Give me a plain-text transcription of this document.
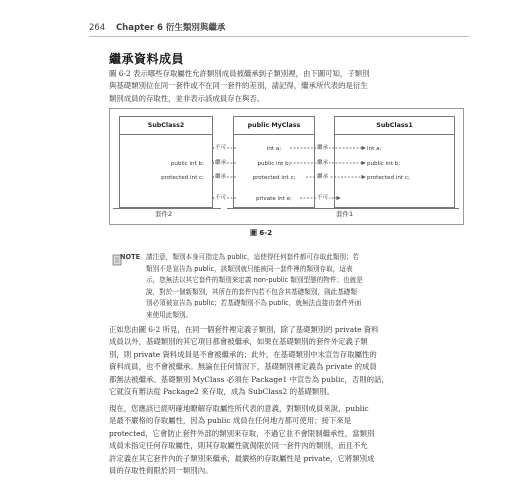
264 Chapter 6 衍生類別與繼承
繼承資料成員
圖 6-2 表示哪些存取屬性允許類別成員被繼承到子類別裡，由下圖可知，子類別
與基礎類別位在同一套件或不在同一套件的差別，請記得，繼承所代表的是衍生
類別成員的存取性，並非表示該成員存在與否。
SubClass2
public int b;
protected int c;
public MyClass
int a;
public int b;
protected int c;
private int e;
SubClass1
int a;
public int b;
protected int c;
不可
繼承
繼承
不可
繼承
繼承
繼承
不可
套件2	套件1
圖 6-2
NOTE 請注意，類別本身可指定為 public，這使得任何套件都可存取此類別；若
類別不是宣告為 public，該類別就只能被同一套件裡的類別存取，這表
示，您無法以其它套件的類別來定義 non-public 類別型態的物件；也就是
說，對於一個新類別，其所在的套件內若不包含其基礎類別，則此基礎類
別必須被宣告為 public；若基礎類別不為 public，就無法直接由套件外面
來使用此類別。
正如您由圖 6-2 所見，在同一個套件裡定義子類別，除了基礎類別的 private 資料
成員以外，基礎類別的其它項目都會被繼承，如果在基礎類別的套件外定義子類
別，則 private 資料成員是不會被繼承的；此外，在基礎類別中未宣告存取屬性的
資料成員，也不會被繼承。無論在任何情況下，基礎類別裡定義為 private 的成員
都無法被繼承。基礎類別 MyClass 必須在 Package1 中宣告為 public，否則的話，
它就沒有辦法從 Package2 來存取，成為 SubClass2 的基礎類別。
現在，您應該已經明確地瞭解存取屬性所代表的意義，對類別成員來說，public
是最不嚴格的存取屬性，因為 public 成員在任何地方都可使用；接下來是
protected，它會防止套件外部的類別來存取，不過它並不會限制繼承性，當類別
成員未指定任何存取屬性，則其存取屬性就侷限於同一套件內的類別，而且不允
許定義在其它套件內的子類別來繼承，最嚴格的存取屬性是 private，它將類別成
員的存取性侷限於同一類別內。
